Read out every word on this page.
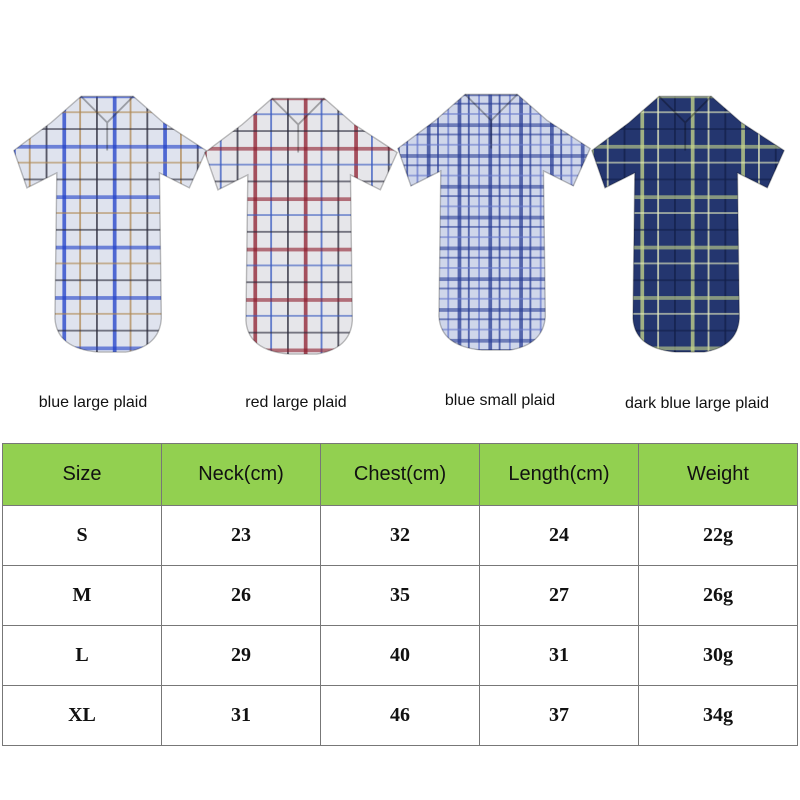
blue large plaid	red large plaid	blue small plaid	dark blue large plaid
Size	Neck(cm)	Chest(cm)	Length(cm)	Weight
S	23	32	24	22g
M	26	35	27	26g
L	29	40	31	30g
XL	31	46	37	34g
